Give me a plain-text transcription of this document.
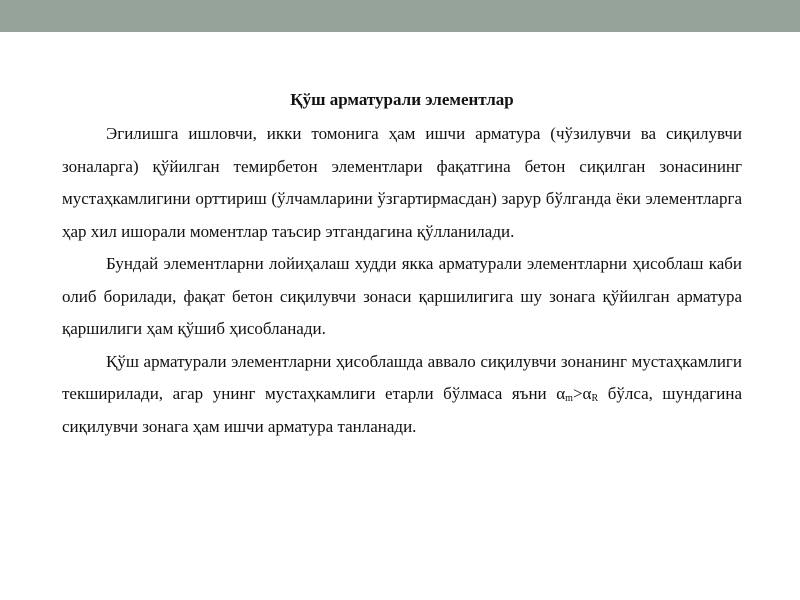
Қўш арматурали элементлар

Эгилишга ишловчи, икки томонига ҳам ишчи арматура (чўзилувчи ва сиқилувчи зоналарга) қўйилган темирбетон элементлари фақатгина бетон сиқилган зонасининг мустаҳкамлигини орттириш (ўлчамларини ўзгартирмасдан) зарур бўлганда ёки элементларга ҳар хил ишорали моментлар таъсир этгандагина қўлланилади.

Бундай элементларни лойиҳалаш худди якка арматурали элементларни ҳисоблаш каби олиб борилади, фақат бетон сиқилувчи зонаси қаршилигига шу зонага қўйилган арматура қаршилиги ҳам қўшиб ҳисобланади.

Қўш арматурали элементларни ҳисоблашда аввало сиқилувчи зонанинг мустаҳкамлиги текширилади, агар унинг мустаҳкамлиги етарли бўлмаса яъни $\alpha_m>\alpha_R$ бўлса, шундагина сиқилувчи зонага ҳам ишчи арматура танланади.
